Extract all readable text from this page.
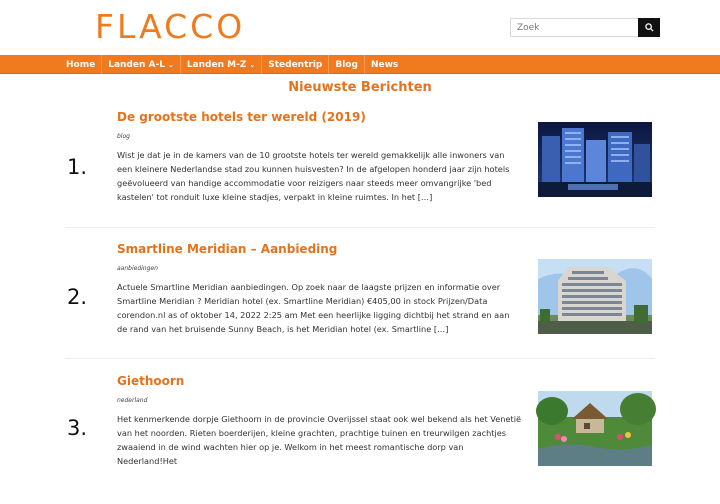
FLACCO
Zoek
Home Landen A-L ⌄ Landen M-Z ⌄ Stedentrip Blog News
Nieuwste Berichten
1.
De grootste hotels ter wereld (2019)
blog
Wist je dat je in de kamers van de 10 grootste hotels ter wereld gemakkelijk alle inwoners van een kleinere Nederlandse stad zou kunnen huisvesten? In de afgelopen honderd jaar zijn hotels geëvolueerd van handige accommodatie voor reizigers naar steeds meer omvangrijke 'bed kastelen' tot ronduit luxe kleine stadjes, verpakt in kleine ruimtes. In het […]
2.
Smartline Meridian – Aanbieding
aanbiedingen
Actuele Smartline Meridian aanbiedingen. Op zoek naar de laagste prijzen en informatie over Smartline Meridian ? Meridian hotel (ex. Smartline Meridian) €405,00 in stock Prijzen/Data corendon.nl as of oktober 14, 2022 2:25 am Met een heerlijke ligging dichtbij het strand en aan de rand van het bruisende Sunny Beach, is het Meridian hotel (ex. Smartline […]
3.
Giethoorn
nederland
Het kenmerkende dorpje Giethoorn in de provincie Overijssel staat ook wel bekend als het Venetië van het noorden. Rieten boerderijen, kleine grachten, prachtige tuinen en treurwilgen zachtjes zwaaiend in de wind wachten hier op je. Welkom in het meest romantische dorp van Nederland!Het
